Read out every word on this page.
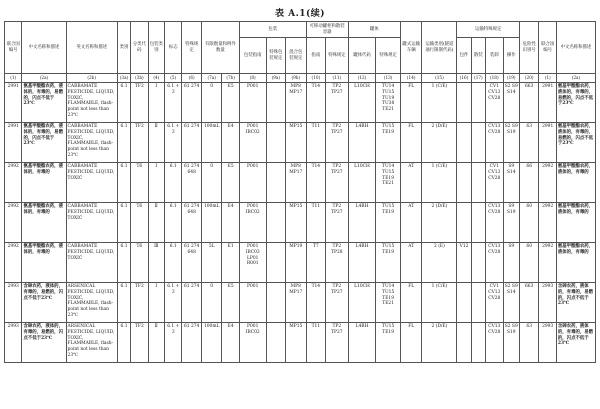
表 A.1(续)
联合国编号	中文名称和描述	英文名称和描述	类别	分类代码	包装类别	标志	特殊规定	有限数量和例外数量		包装			可移动罐柜和散装容器		罐体		罐式运输车辆	运输类别(隧道通行限制代码)	运输特殊规定				危险性识别号	联合国编号	中文名称和描述
										包装指南	特殊包装规定	混合包装规定	指南	特殊规定	罐体代码	特殊规定			包件	散装	装卸	操作			
(1)	(2a)	(2b)	(3a)	(3b)	(4)	(5)	(6)	(7a)	(7b)	(8)	(9a)	(9b)	(10)	(11)	(12)	(13)	(14)	(15)	(16)	(17)	(18)	(19)	(20)	(1)	(2a)
2991	氨基甲酸酯农药，液体的，有毒的，易燃的，闪点不低于23℃	CARBAMATE PESTICIDE, LIQUID, TOXIC, FLAMMABLE, flash-point not less than 23℃	6.1	TF2	Ⅰ	6.1 + 3	61 274	0	E5	P001		MP8 MP17	T14	TP2 TP27	L10CH	TU14 TU15 TU19 TU38 TE21	FL	1 (C/E)			CV1 CV13 CV28	S2 S9 S14	663	2991	氨基甲酸酯农药，液体的，有毒的，易燃的，闪点不低于23℃
2991	氨基甲酸酯农药，液体的，有毒的，易燃的，闪点不低于23℃	CARBAMATE PESTICIDE, LIQUID, TOXIC, FLAMMABLE, flash-point not less than 23℃	6.1	TF2	Ⅱ	6.1 + 3	61 274	100mL	E4	P001 IBC02		MP15	T11	TP2 TP27	L4BH	TU15 TE19	FL	2 (D/E)			CV13 CV28	S2 S9 S19	63	2991	氨基甲酸酯农药，液体的，有毒的，易燃的，闪点不低于23℃
2992	氨基甲酸酯农药，液体的，有毒的	CARBAMATE PESTICIDE, LIQUID, TOXIC	6.1	T6	Ⅰ	6.1	61 274 648	0	E5	P001		MP8 MP17	T14	TP2 TP27	L10CH	TU14 TU15 TE19 TE21	AT	1 (C/E)			CV1 CV13 CV28	S9 S14	66	2992	氨基甲酸酯农药，液体的，有毒的
2992	氨基甲酸酯农药，液体的，有毒的	CARBAMATE PESTICIDE, LIQUID, TOXIC	6.1	T6	Ⅱ	6.1	61 274 648	100mL	E4	P001 IBC02		MP15	T11	TP2 TP27	L4BH	TU15 TE19	AT	2 (D/E)			CV13 CV28	S9 S19	60	2992	氨基甲酸酯农药，液体的，有毒的
2992	氨基甲酸酯农药，液体的，有毒的	CARBAMATE PESTICIDE, LIQUID, TOXIC	6.1	T6	Ⅲ	6.1	61 274 648	5L	E1	P001 IBC03 LP01 R001		MP19	T7	TP2 TP28	L4BH	TU15 TE19	AT	2 (E)	V12		CV13 CV28	S9	60	2992	氨基甲酸酯农药，液体的，有毒的
2993	含砷农药，液体的，有毒的，易燃的，闪点不低于23℃	ARSENICAL PESTICIDE, LIQUID, TOXIC, FLAMMABLE, flash-point not less than 23℃	6.1	TF2	Ⅰ	6.1 + 3	61 274	0	E5	P001		MP8 MP17	T14	TP2 TP27	L10CH	TU14 TU15 TE19 TE21	FL	1 (C/E)			CV1 CV13 CV28	S2 S9 S14	663	2993	含砷农药，液体的，有毒的，易燃的，闪点不低于23℃
2993	含砷农药，液体的，有毒的，易燃的，闪点不低于23℃	ARSENICAL PESTICIDE, LIQUID, TOXIC, FLAMMABLE, flash-point not less than 23℃	6.1	TF2	Ⅱ	6.1 + 3	61 274	100mL	E4	P001 IBC02		MP15	T11	TP2 TP27	L4BH	TU15 TE19	FL	2 (D/E)			CV13 CV28	S2 S9 S19	63	2993	含砷农药，液体的，有毒的，易燃的，闪点不低于23℃
